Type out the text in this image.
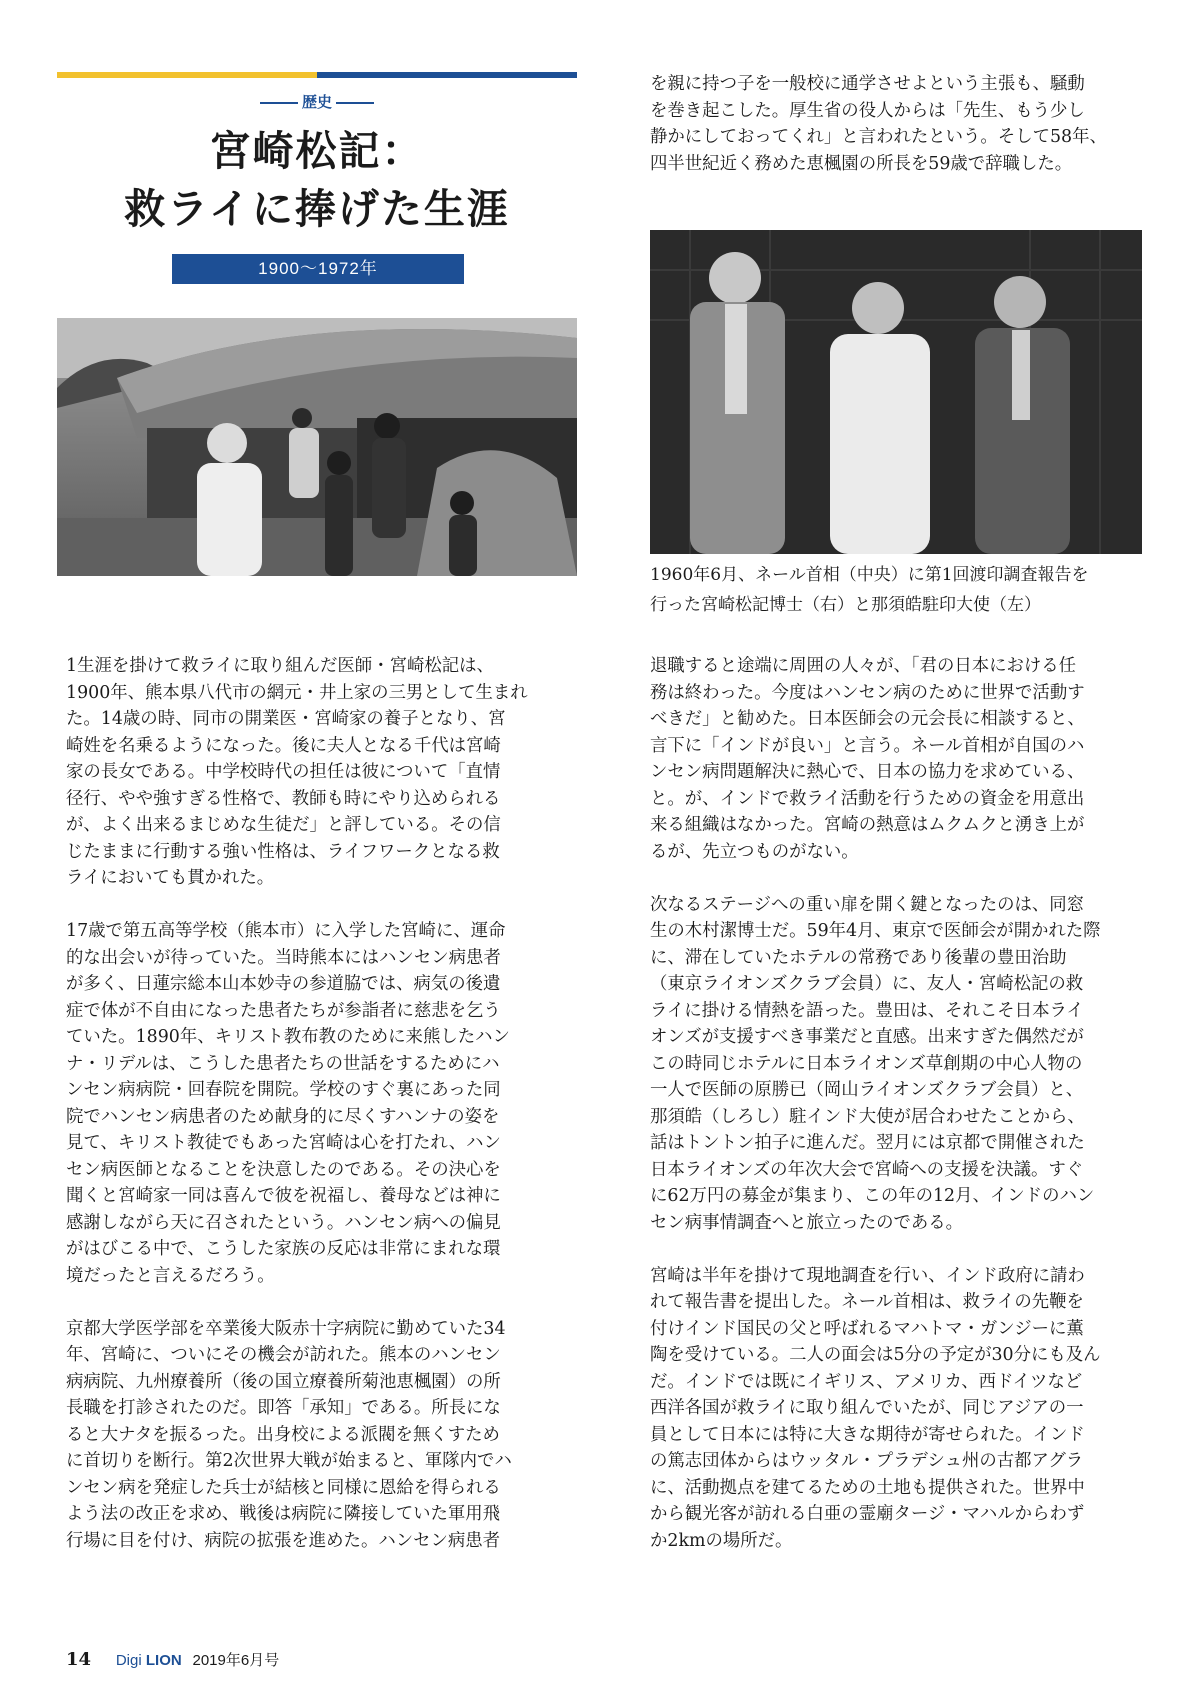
歴史
宮崎松記：
救ライに捧げた生涯
1900〜1972年
1960年6月、ネール首相（中央）に第1回渡印調査報告を
行った宮崎松記博士（右）と那須皓駐印大使（左）

を親に持つ子を一般校に通学させよという主張も、騒動
を巻き起こした。厚生省の役人からは「先生、もう少し
静かにしておってくれ」と言われたという。そして58年、
四半世紀近く務めた恵楓園の所長を59歳で辞職した。

1生涯を掛けて救ライに取り組んだ医師・宮崎松記は、
1900年、熊本県八代市の網元・井上家の三男として生まれ
た。14歳の時、同市の開業医・宮崎家の養子となり、宮
崎姓を名乗るようになった。後に夫人となる千代は宮崎
家の長女である。中学校時代の担任は彼について「直情
径行、やや強すぎる性格で、教師も時にやり込められる
が、よく出来るまじめな生徒だ」と評している。その信
じたままに行動する強い性格は、ライフワークとなる救
ライにおいても貫かれた。

17歳で第五高等学校（熊本市）に入学した宮崎に、運命
的な出会いが待っていた。当時熊本にはハンセン病患者
が多く、日蓮宗総本山本妙寺の参道脇では、病気の後遺
症で体が不自由になった患者たちが参詣者に慈悲を乞う
ていた。1890年、キリスト教布教のために来熊したハン
ナ・リデルは、こうした患者たちの世話をするためにハ
ンセン病病院・回春院を開院。学校のすぐ裏にあった同
院でハンセン病患者のため献身的に尽くすハンナの姿を
見て、キリスト教徒でもあった宮崎は心を打たれ、ハン
セン病医師となることを決意したのである。その決心を
聞くと宮崎家一同は喜んで彼を祝福し、養母などは神に
感謝しながら天に召されたという。ハンセン病への偏見
がはびこる中で、こうした家族の反応は非常にまれな環
境だったと言えるだろう。

京都大学医学部を卒業後大阪赤十字病院に勤めていた34
年、宮崎に、ついにその機会が訪れた。熊本のハンセン
病病院、九州療養所（後の国立療養所菊池恵楓園）の所
長職を打診されたのだ。即答「承知」である。所長にな
ると大ナタを振るった。出身校による派閥を無くすため
に首切りを断行。第2次世界大戦が始まると、軍隊内でハ
ンセン病を発症した兵士が結核と同様に恩給を得られる
よう法の改正を求め、戦後は病院に隣接していた軍用飛
行場に目を付け、病院の拡張を進めた。ハンセン病患者

退職すると途端に周囲の人々が、「君の日本における任
務は終わった。今度はハンセン病のために世界で活動す
べきだ」と勧めた。日本医師会の元会長に相談すると、
言下に「インドが良い」と言う。ネール首相が自国のハ
ンセン病問題解決に熱心で、日本の協力を求めている、
と。が、インドで救ライ活動を行うための資金を用意出
来る組織はなかった。宮崎の熱意はムクムクと湧き上が
るが、先立つものがない。

次なるステージへの重い扉を開く鍵となったのは、同窓
生の木村潔博士だ。59年4月、東京で医師会が開かれた際
に、滞在していたホテルの常務であり後輩の豊田治助
（東京ライオンズクラブ会員）に、友人・宮崎松記の救
ライに掛ける情熱を語った。豊田は、それこそ日本ライ
オンズが支援すべき事業だと直感。出来すぎた偶然だが
この時同じホテルに日本ライオンズ草創期の中心人物の
一人で医師の原勝已（岡山ライオンズクラブ会員）と、
那須皓（しろし）駐インド大使が居合わせたことから、
話はトントン拍子に進んだ。翌月には京都で開催された
日本ライオンズの年次大会で宮崎への支援を決議。すぐ
に62万円の募金が集まり、この年の12月、インドのハン
セン病事情調査へと旅立ったのである。

宮崎は半年を掛けて現地調査を行い、インド政府に請わ
れて報告書を提出した。ネール首相は、救ライの先鞭を
付けインド国民の父と呼ばれるマハトマ・ガンジーに薫
陶を受けている。二人の面会は5分の予定が30分にも及ん
だ。インドでは既にイギリス、アメリカ、西ドイツなど
西洋各国が救ライに取り組んでいたが、同じアジアの一
員として日本には特に大きな期待が寄せられた。インド
の篤志団体からはウッタル・プラデシュ州の古都アグラ
に、活動拠点を建てるための土地も提供された。世界中
から観光客が訪れる白亜の霊廟タージ・マハルからわず
か2kmの場所だ。

14 Digi LION 2019年6月号
